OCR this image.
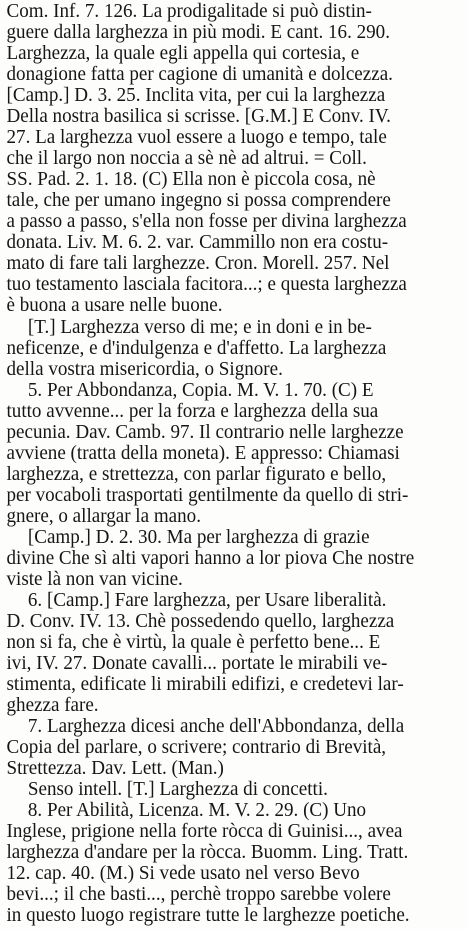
Com. Inf. 7. 126. La prodigalitade si può distin-
guere dalla larghezza in più modi. E cant. 16. 290.
Larghezza, la quale egli appella qui cortesia, e
donagione fatta per cagione di umanità e dolcezza.
[Camp.] D. 3. 25. Inclita vita, per cui la larghezza
Della nostra basilica si scrisse. [G.M.] E Conv. IV.
27. La larghezza vuol essere a luogo e tempo, tale
che il largo non noccia a sè nè ad altrui. = Coll.
SS. Pad. 2. 1. 18. (C) Ella non è piccola cosa, nè
tale, che per umano ingegno si possa comprendere
a passo a passo, s'ella non fosse per divina larghezza
donata. Liv. M. 6. 2. var. Cammillo non era costu-
mato di fare tali larghezze. Cron. Morell. 257. Nel
tuo testamento lasciala facitora...; e questa larghezza
è buona a usare nelle buone.
[T.] Larghezza verso di me; e in doni e in be-
neficenze, e d'indulgenza e d'affetto. La larghezza
della vostra misericordia, o Signore.
5. Per Abbondanza, Copia. M. V. 1. 70. (C) E
tutto avvenne... per la forza e larghezza della sua
pecunia. Dav. Camb. 97. Il contrario nelle larghezze
avviene (tratta della moneta). E appresso: Chiamasi
larghezza, e strettezza, con parlar figurato e bello,
per vocaboli trasportati gentilmente da quello di stri-
gnere, o allargar la mano.
[Camp.] D. 2. 30. Ma per larghezza di grazie
divine Che sì alti vapori hanno a lor piova Che nostre
viste là non van vicine.
6. [Camp.] Fare larghezza, per Usare liberalità.
D. Conv. IV. 13. Chè possedendo quello, larghezza
non si fa, che è virtù, la quale è perfetto bene... E
ivi, IV. 27. Donate cavalli... portate le mirabili ve-
stimenta, edificate li mirabili edifizi, e credetevi lar-
ghezza fare.
7. Larghezza dicesi anche dell'Abbondanza, della
Copia del parlare, o scrivere; contrario di Brevità,
Strettezza. Dav. Lett. (Man.)
Senso intell. [T.] Larghezza di concetti.
8. Per Abilità, Licenza. M. V. 2. 29. (C) Uno
Inglese, prigione nella forte ròcca di Guinisi..., avea
larghezza d'andare per la ròcca. Buomm. Ling. Tratt.
12. cap. 40. (M.) Si vede usato nel verso Bevo
bevi...; il che basti..., perchè troppo sarebbe volere
in questo luogo registrare tutte le larghezze poetiche.
